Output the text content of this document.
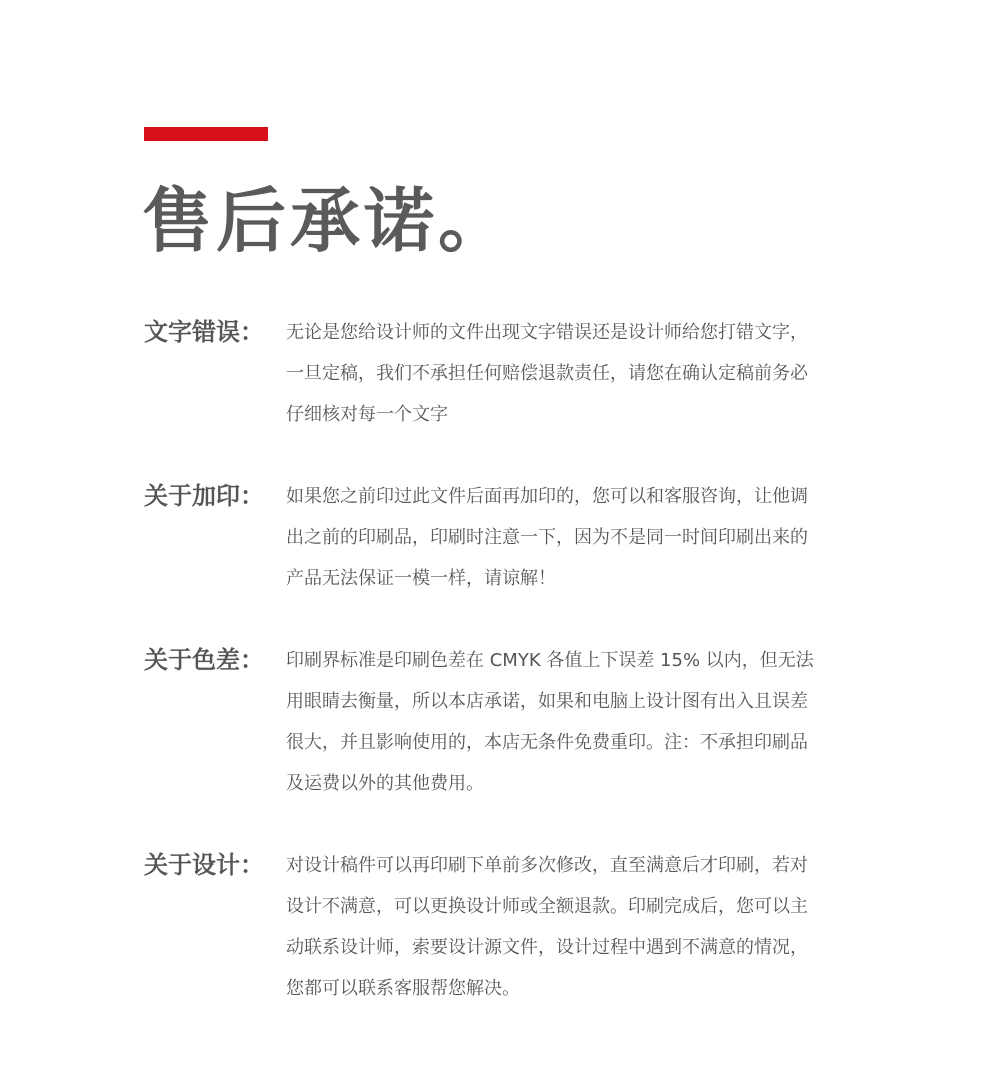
售后承诺。
文字错误： 无论是您给设计师的文件出现文字错误还是设计师给您打错文字，
一旦定稿，我们不承担任何赔偿退款责任，请您在确认定稿前务必
仔细核对每一个文字
关于加印： 如果您之前印过此文件后面再加印的，您可以和客服咨询，让他调
出之前的印刷品，印刷时注意一下，因为不是同一时间印刷出来的
产品无法保证一模一样，请谅解！
关于色差： 印刷界标准是印刷色差在 CMYK 各值上下误差 15% 以内，但无法
用眼睛去衡量，所以本店承诺，如果和电脑上设计图有出入且误差
很大，并且影响使用的，本店无条件免费重印。注：不承担印刷品
及运费以外的其他费用。
关于设计： 对设计稿件可以再印刷下单前多次修改，直至满意后才印刷，若对
设计不满意，可以更换设计师或全额退款。印刷完成后，您可以主
动联系设计师，索要设计源文件，设计过程中遇到不满意的情况，
您都可以联系客服帮您解决。
